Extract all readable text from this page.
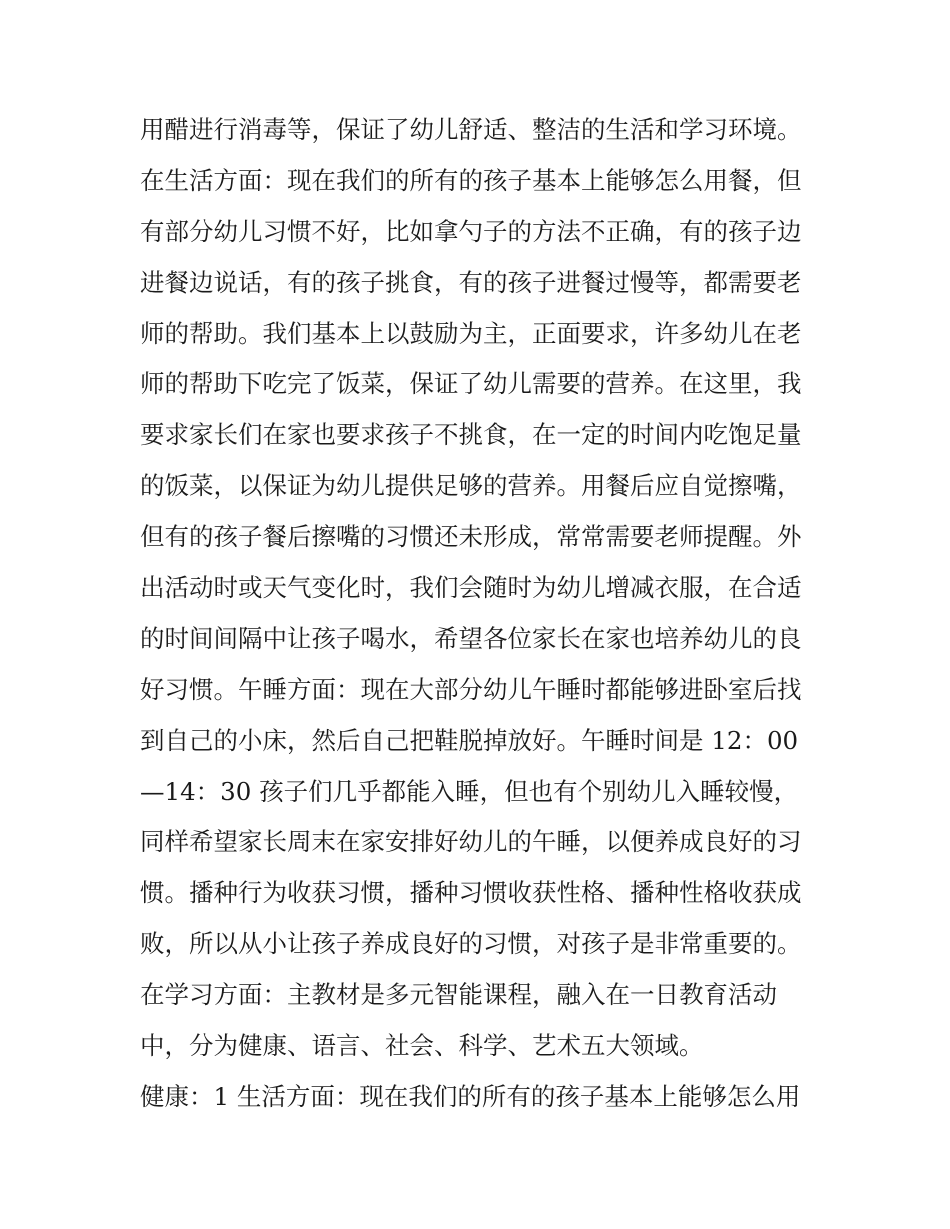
用醋进行消毒等，保证了幼儿舒适、整洁的生活和学习环境。
在生活方面：现在我们的所有的孩子基本上能够怎么用餐，但
有部分幼儿习惯不好，比如拿勺子的方法不正确，有的孩子边
进餐边说话，有的孩子挑食，有的孩子进餐过慢等，都需要老
师的帮助。我们基本上以鼓励为主，正面要求，许多幼儿在老
师的帮助下吃完了饭菜，保证了幼儿需要的营养。在这里，我
要求家长们在家也要求孩子不挑食，在一定的时间内吃饱足量
的饭菜，以保证为幼儿提供足够的营养。用餐后应自觉擦嘴，
但有的孩子餐后擦嘴的习惯还未形成，常常需要老师提醒。外
出活动时或天气变化时，我们会随时为幼儿增减衣服，在合适
的时间间隔中让孩子喝水，希望各位家长在家也培养幼儿的良
好习惯。午睡方面：现在大部分幼儿午睡时都能够进卧室后找
到自己的小床，然后自己把鞋脱掉放好。午睡时间是 12：00
—14：30 孩子们几乎都能入睡，但也有个别幼儿入睡较慢，
同样希望家长周末在家安排好幼儿的午睡，以便养成良好的习
惯。播种行为收获习惯，播种习惯收获性格、播种性格收获成
败，所以从小让孩子养成良好的习惯，对孩子是非常重要的。
在学习方面：主教材是多元智能课程，融入在一日教育活动
中，分为健康、语言、社会、科学、艺术五大领域。
健康：1 生活方面：现在我们的所有的孩子基本上能够怎么用
